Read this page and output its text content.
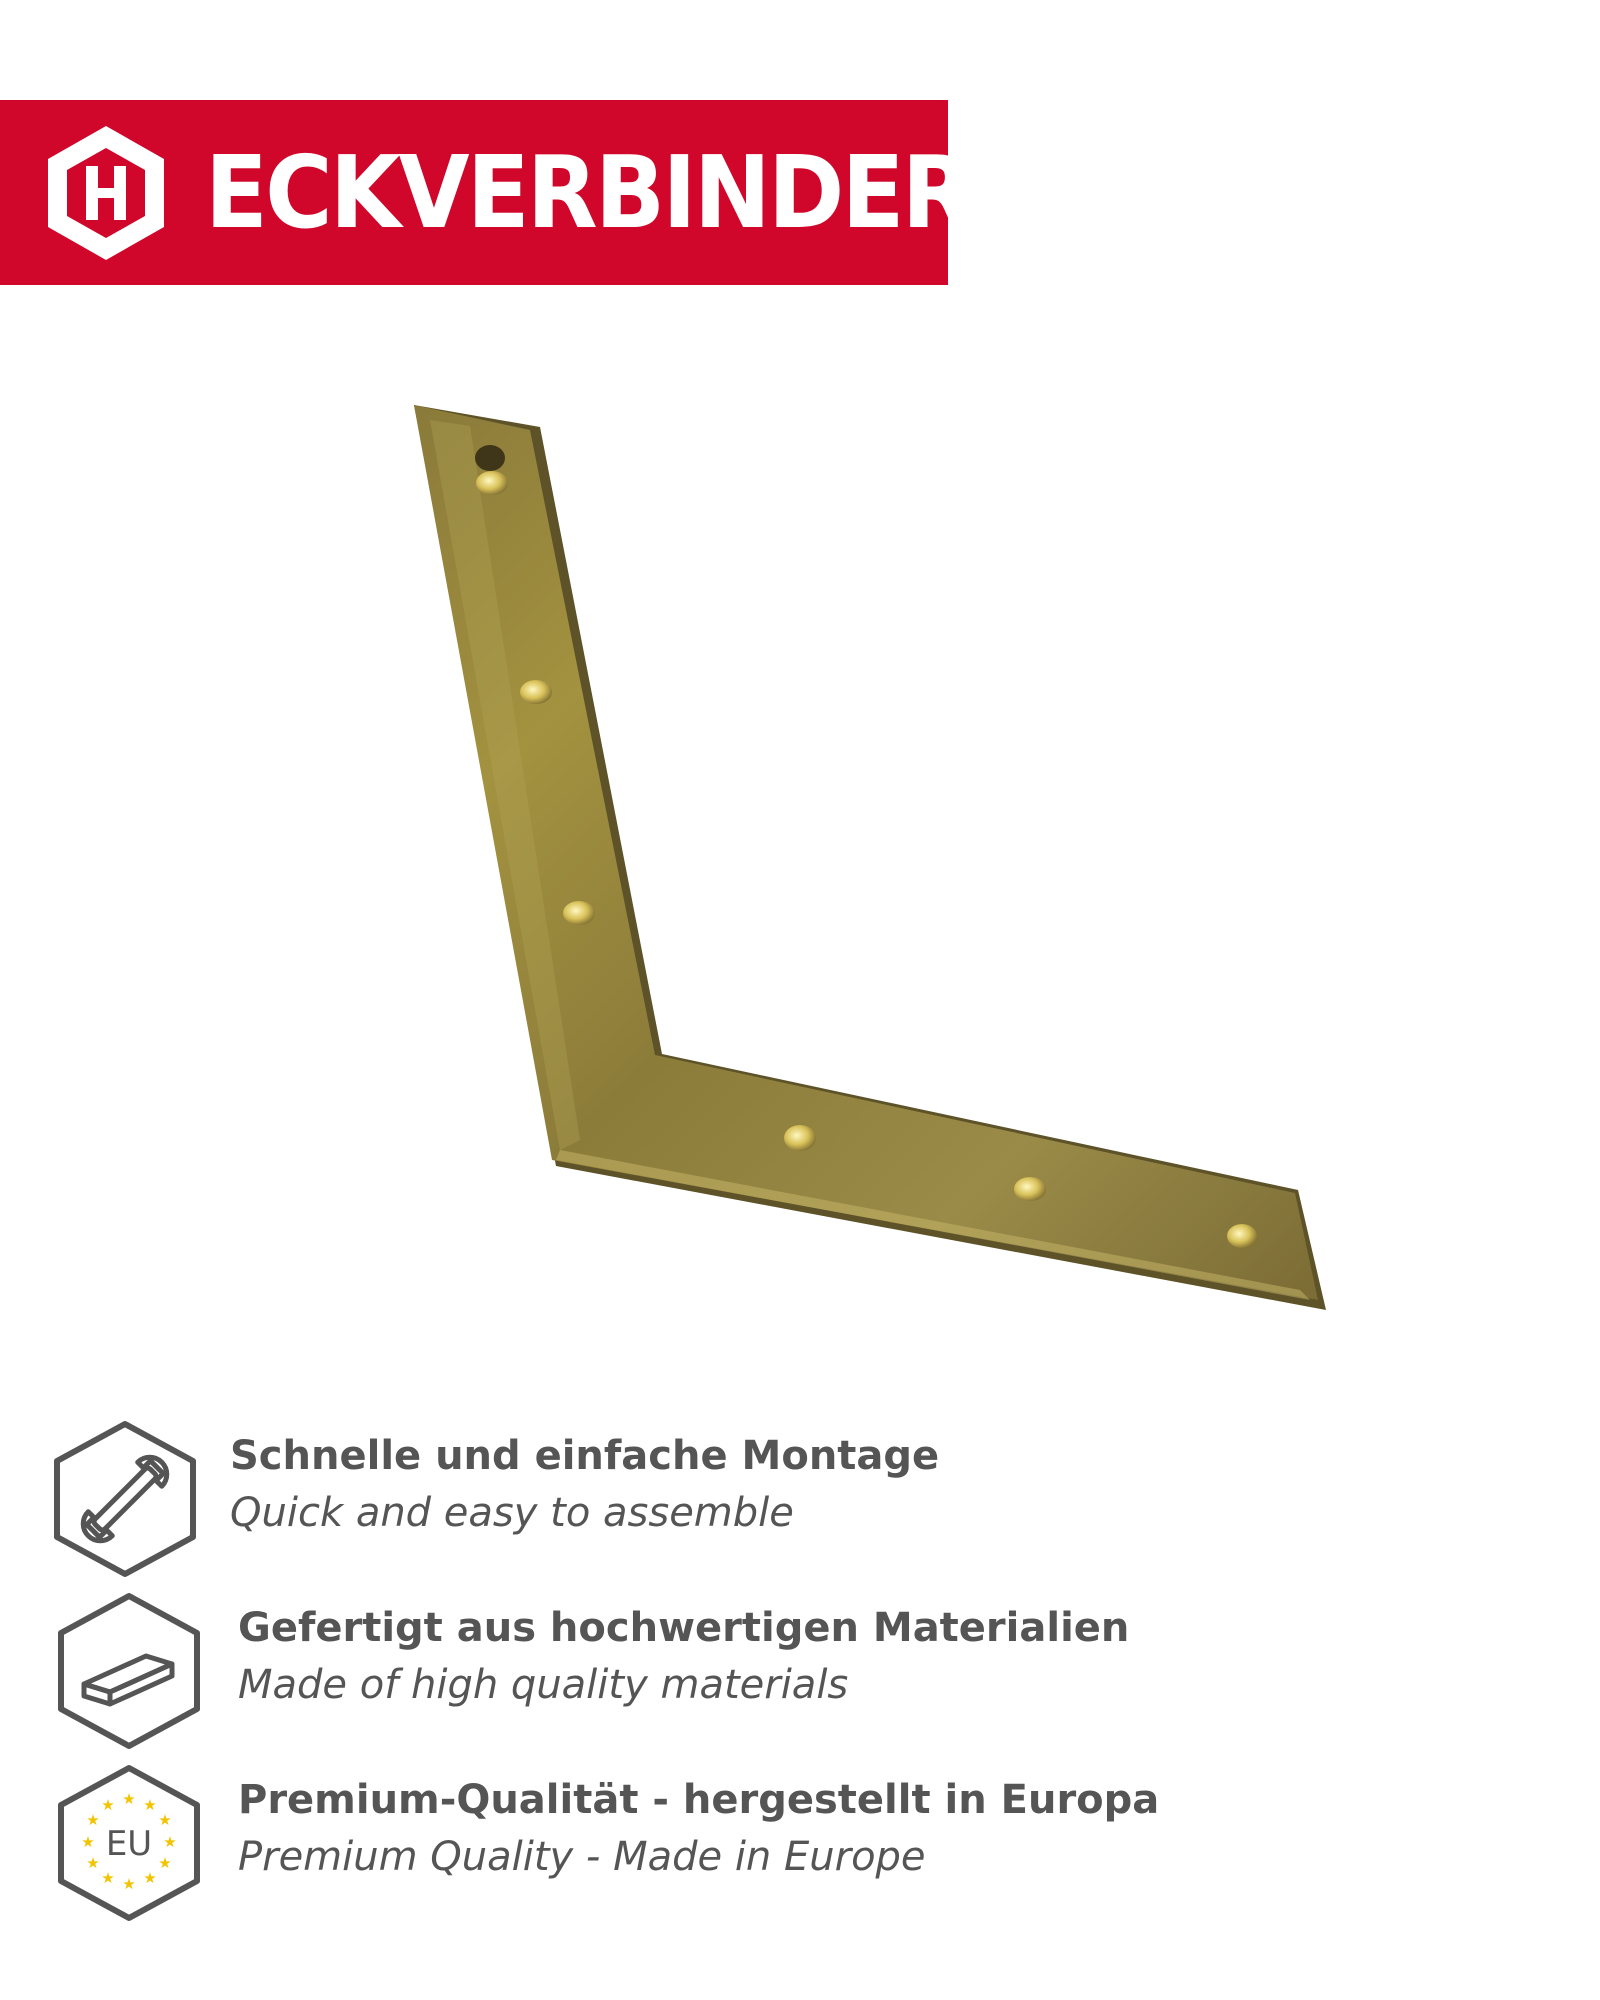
ECKVERBINDER
Schnelle und einfache Montage
Quick and easy to assemble
Gefertigt aus hochwertigen Materialien
Made of high quality materials
★ ★
★
★
★
★
★
★
★
★
★
★
EU
Premium-Qualität - hergestellt in Europa
Premium Quality - Made in Europe
